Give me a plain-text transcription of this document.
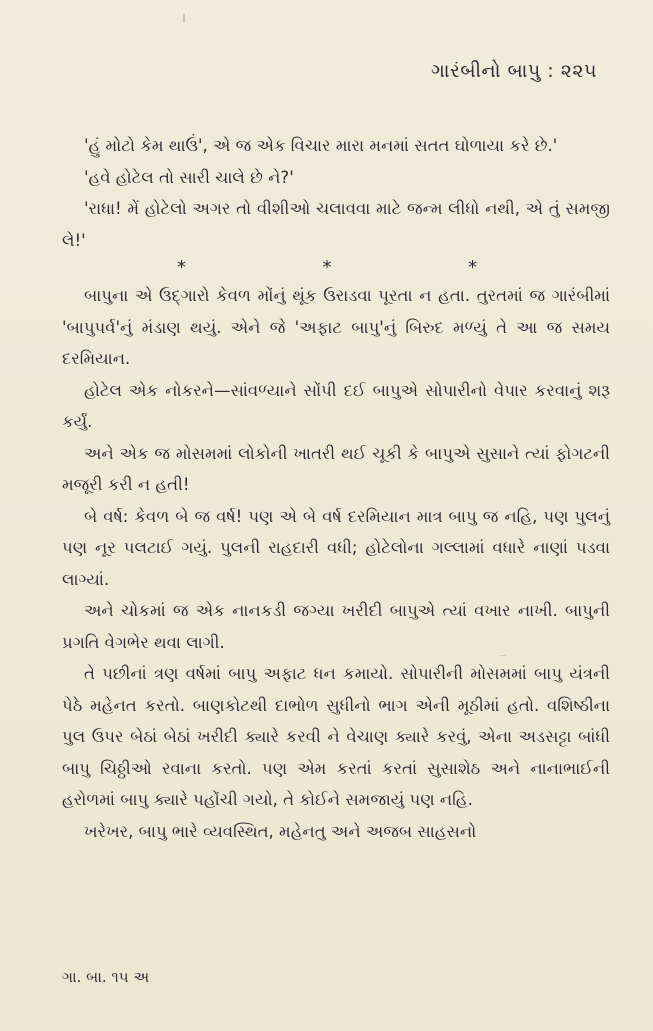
ગારંબીનો બાપુ : ૨૨૫

'હું મોટો કેમ થાઉં', એ જ એક વિચાર મારા મનમાં સતત ઘોળાયા કરે છે.'

'હવે હોટેલ તો સારી ચાલે છે ને?'

'રાધા! મેં હોટેલો અગર તો વીશીઓ ચલાવવા માટે જન્મ લીધો નથી, એ તું સમજી લે!'

*	*	*

બાપુના એ ઉદ્ગારો કેવળ મોંનું થૂંક ઉરાડવા પૂરતા ન હતા. તુરતમાં જ ગારંબીમાં 'બાપુપર્વ'નું મંડાણ થયું. એને જે 'અફાટ બાપુ'નું બિરુદ મળ્યું તે આ જ સમય દરમિયાન.

હોટેલ એક નોકરને—સાંવળ્યાને સોંપી દઈ બાપુએ સોપારીનો વેપાર કરવાનું શરૂ કર્યું.

અને એક જ મોસમમાં લોકોની ખાતરી થઈ ચૂકી કે બાપુએ સુસાને ત્યાં ફોગટની મજૂરી કરી ન હતી!

બે વર્ષ: કેવળ બે જ વર્ષ! પણ એ બે વર્ષ દરમિયાન માત્ર બાપુ જ નહિ, પણ પુલનું પણ નૂર પલટાઈ ગયું. પુલની રાહદારી વધી; હોટેલોના ગલ્લામાં વધારે નાણાં પડવા લાગ્યાં.

અને ચોકમાં જ એક નાનકડી જગ્યા ખરીદી બાપુએ ત્યાં વખાર નાખી. બાપુની પ્રગતિ વેગભેર થવા લાગી.

તે પછીનાં ત્રણ વર્ષમાં બાપુ અફાટ ધન કમાયો. સોપારીની મોસમમાં બાપુ યંત્રની પેઠે મહેનત કરતો. બાણકોટથી દાભોળ સુધીનો ભાગ એની મૂઠીમાં હતો. વશિષ્ઠીના પુલ ઉપર બેઠાં બેઠાં ખરીદી ક્યારે કરવી ને વેચાણ ક્યારે કરવું, એના અડસટ્ટા બાંધી બાપુ ચિઠ્ઠીઓ રવાના કરતો. પણ એમ કરતાં કરતાં સુસાશેઠ અને નાનાભાઈની હરોળમાં બાપુ ક્યારે પહોંચી ગયો, તે કોઈને સમજાયું પણ નહિ.

ખરેખર, બાપુ ભારે વ્યવસ્થિત, મહેનતુ અને અજબ સાહસનો

ગા. બા. ૧૫ અ
